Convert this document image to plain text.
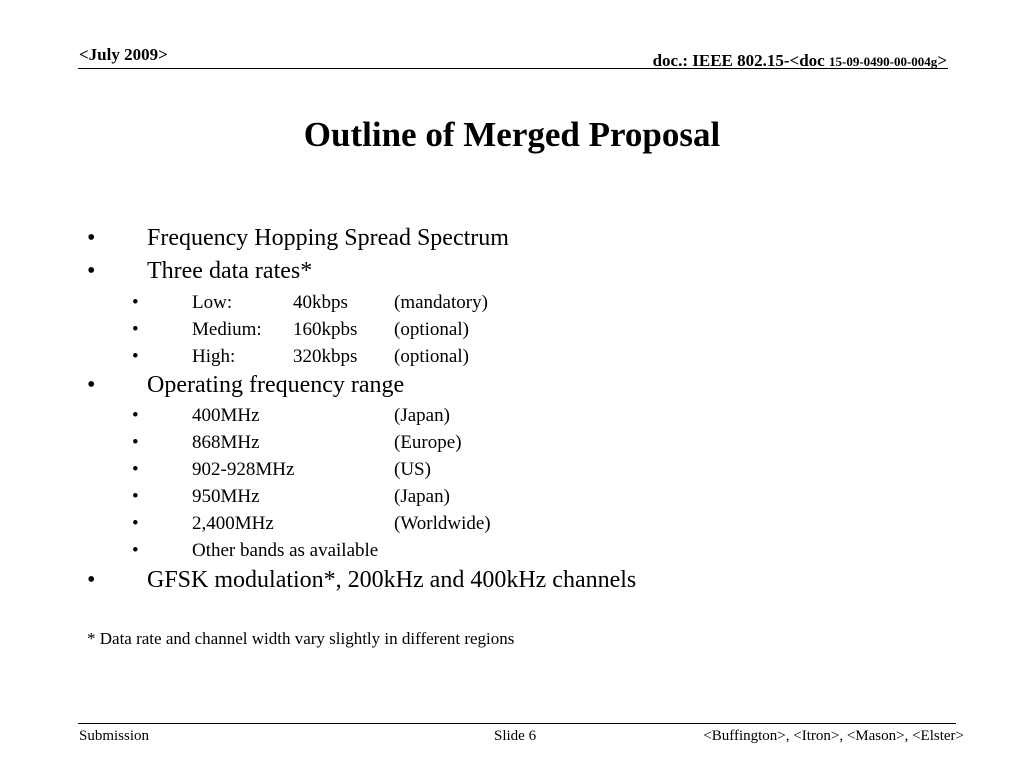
<July 2009>	doc.: IEEE 802.15-<doc 15-09-0490-00-004g>
Outline of Merged Proposal
• Frequency Hopping Spread Spectrum
• Three data rates*
•	Low:	40kbps (mandatory)
•	Medium: 160kpbs (optional)
•	High:	320kbps (optional)
• Operating frequency range
•	400MHz	(Japan)
•	868MHz	(Europe)
•	902-928MHz	(US)
•	950MHz	(Japan)
•	2,400MHz	(Worldwide)
•	Other bands as available
• GFSK modulation*, 200kHz and 400kHz channels
* Data rate and channel width vary slightly in different regions
Submission	Slide 6	<Buffington>, <Itron>, <Mason>, <Elster>
